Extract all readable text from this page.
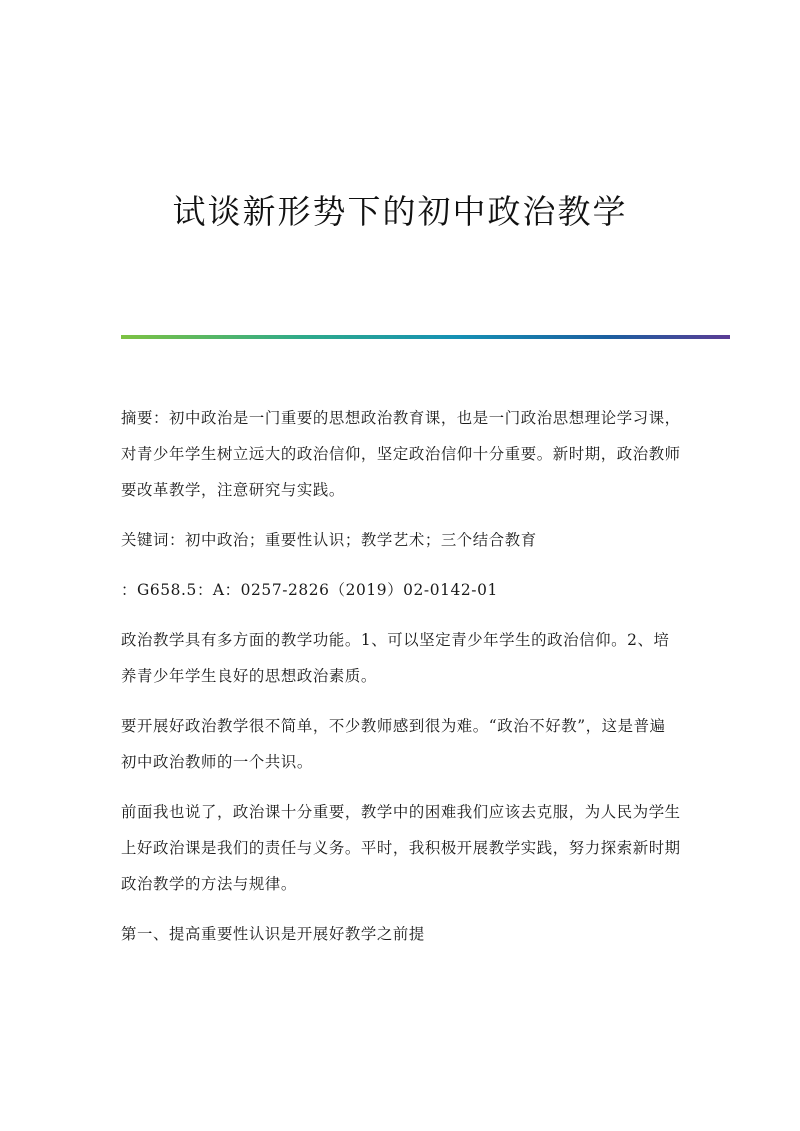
试谈新形势下的初中政治教学

摘要：初中政治是一门重要的思想政治教育课，也是一门政治思想理论学习课，对青少年学生树立远大的政治信仰，坚定政治信仰十分重要。新时期，政治教师要改革教学，注意研究与实践。

关键词：初中政治；重要性认识；教学艺术；三个结合教育

：G658.5：A：0257-2826（2019）02-0142-01

政治教学具有多方面的教学功能。1、可以坚定青少年学生的政治信仰。2、培养青少年学生良好的思想政治素质。

要开展好政治教学很不简单，不少教师感到很为难。“政治不好教”，这是普遍初中政治教师的一个共识。

前面我也说了，政治课十分重要，教学中的困难我们应该去克服，为人民为学生上好政治课是我们的责任与义务。平时，我积极开展教学实践，努力探索新时期政治教学的方法与规律。

第一、提高重要性认识是开展好教学之前提
